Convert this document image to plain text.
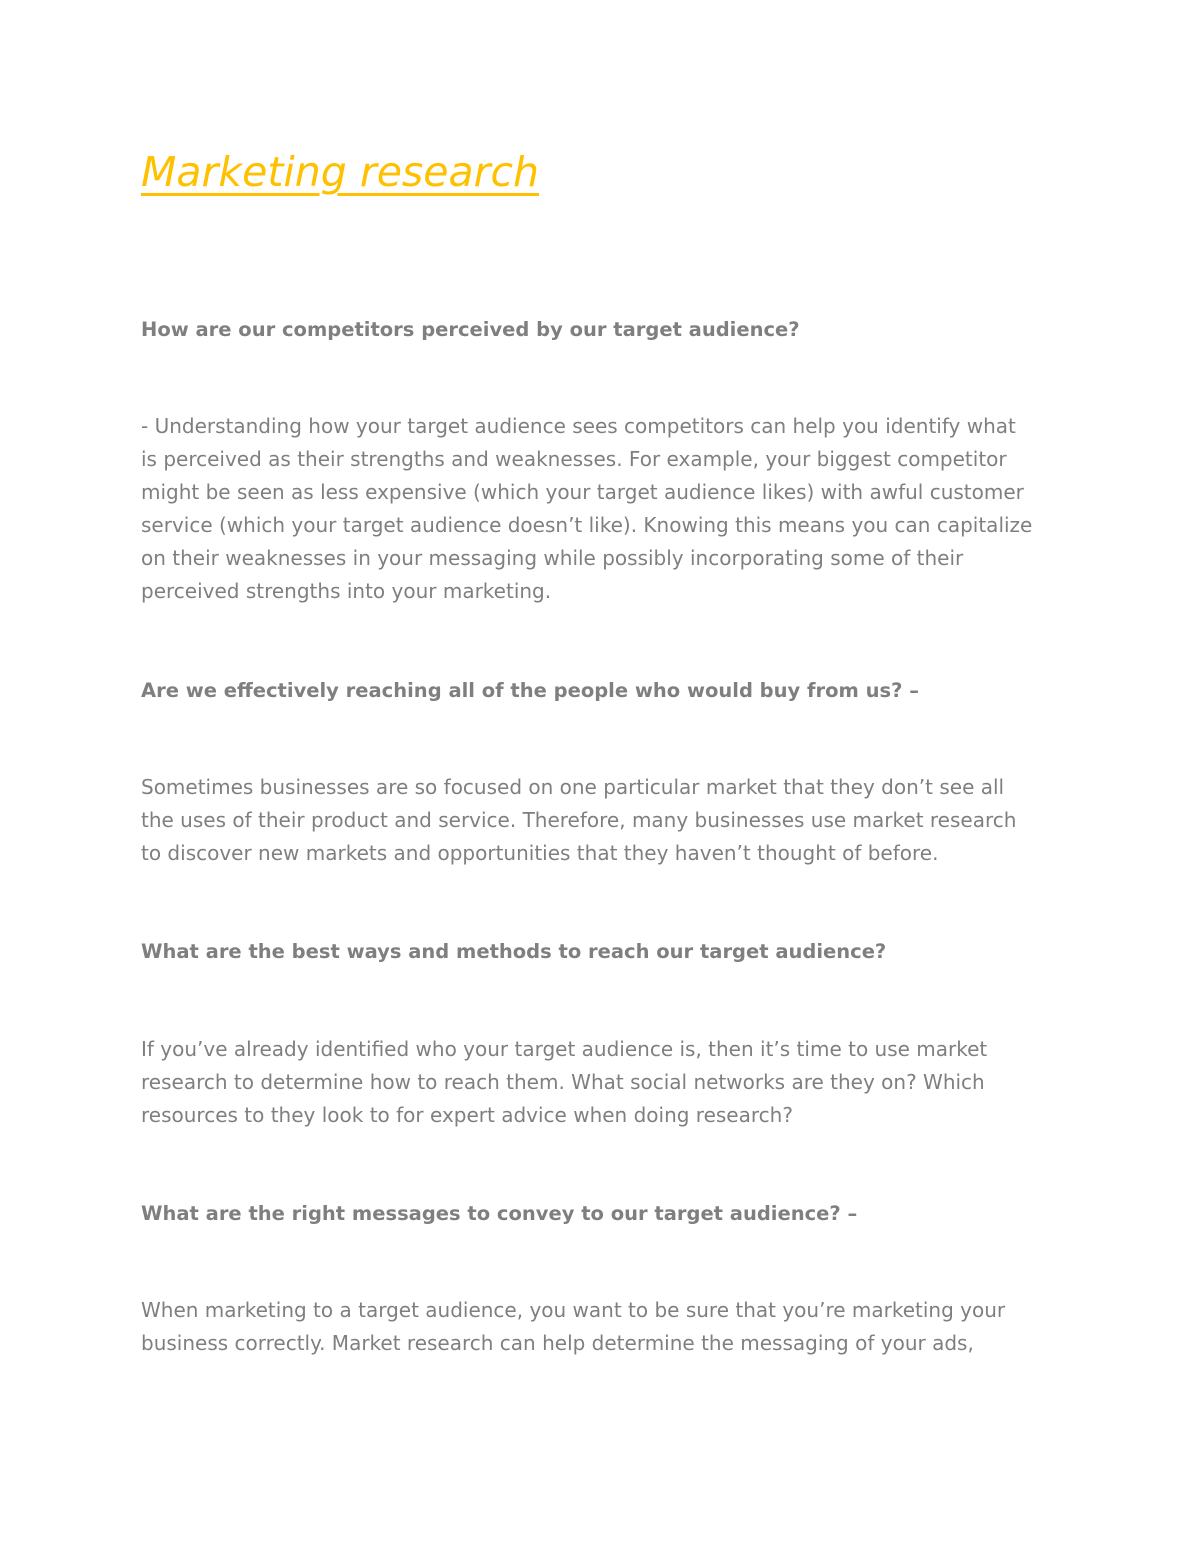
Marketing research
How are our competitors perceived by our target audience?
- Understanding how your target audience sees competitors can help you identify what
is perceived as their strengths and weaknesses. For example, your biggest competitor
might be seen as less expensive (which your target audience likes) with awful customer
service (which your target audience doesn’t like). Knowing this means you can capitalize
on their weaknesses in your messaging while possibly incorporating some of their
perceived strengths into your marketing.
Are we effectively reaching all of the people who would buy from us? –
Sometimes businesses are so focused on one particular market that they don’t see all
the uses of their product and service. Therefore, many businesses use market research
to discover new markets and opportunities that they haven’t thought of before.
What are the best ways and methods to reach our target audience?
If you’ve already identified who your target audience is, then it’s time to use market
research to determine how to reach them. What social networks are they on? Which
resources to they look to for expert advice when doing research?
What are the right messages to convey to our target audience? –
When marketing to a target audience, you want to be sure that you’re marketing your
business correctly. Market research can help determine the messaging of your ads,
